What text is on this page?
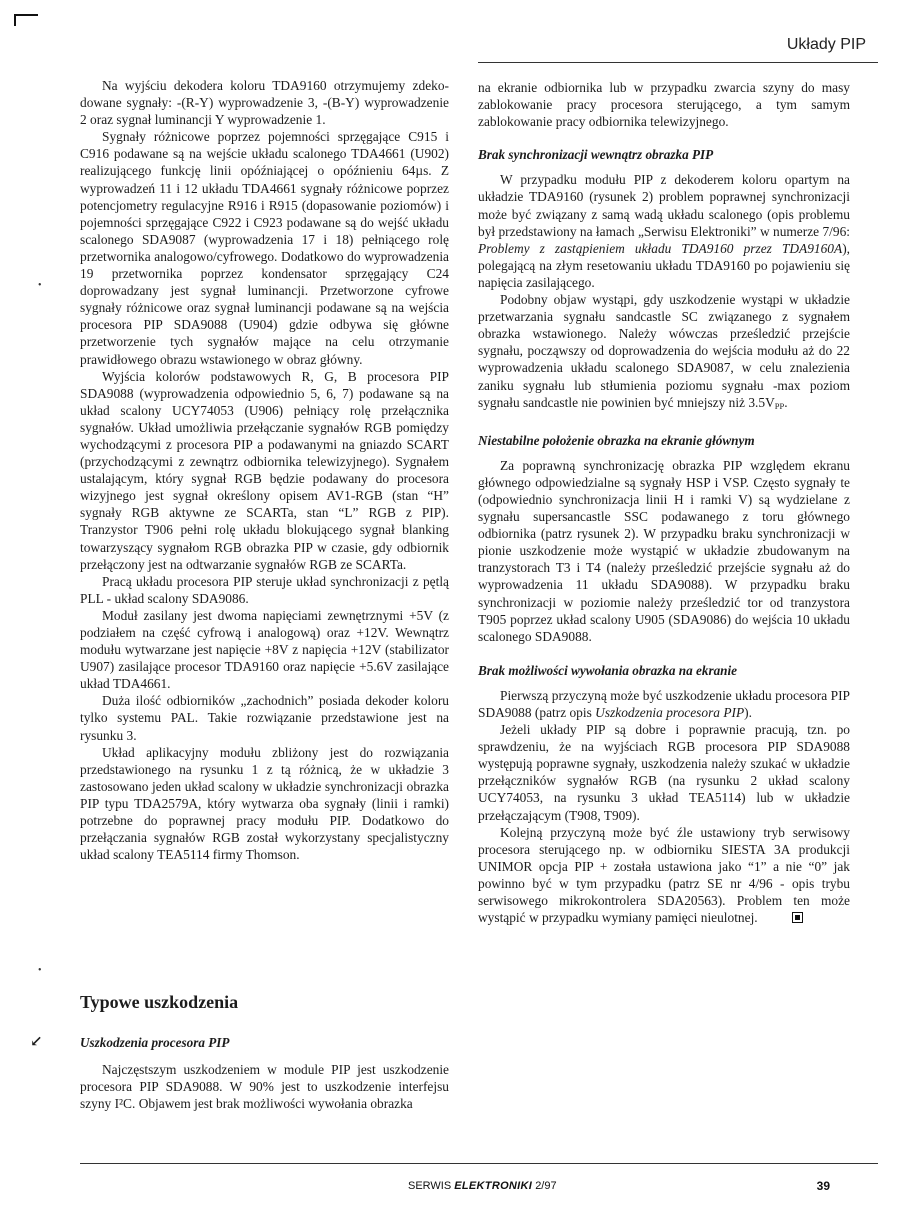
Układy PIP

Na wyjściu dekodera koloru TDA9160 otrzymujemy zdekodowane sygnały: -(R-Y) wyprowadzenie 3, -(B-Y) wyprowadzenie 2 oraz sygnał luminancji Y wyprowadzenie 1.

Sygnały różnicowe poprzez pojemności sprzęgające C915 i C916 podawane są na wejście układu scalonego TDA4661 (U902) realizującego funkcję linii opóźniającej o opóźnieniu 64µs. Z wyprowadzeń 11 i 12 układu TDA4661 sygnały różnicowe poprzez potencjometry regulacyjne R916 i R915 (dopasowanie poziomów) i pojemności sprzęgające C922 i C923 podawane są do wejść układu scalonego SDA9087 (wyprowadzenia 17 i 18) pełniącego rolę przetwornika analogowo/cyfrowego. Dodatkowo do wyprowadzenia 19 przetwornika poprzez kondensator sprzęgający C24 doprowadzany jest sygnał luminancji. Przetworzone cyfrowe sygnały różnicowe oraz sygnał luminancji podawane są na wejścia procesora PIP SDA9088 (U904) gdzie odbywa się główne przetworzenie tych sygnałów mające na celu otrzymanie prawidłowego obrazu wstawionego w obraz główny.

Wyjścia kolorów podstawowych R, G, B procesora PIP SDA9088 (wyprowadzenia odpowiednio 5, 6, 7) podawane są na układ scalony UCY74053 (U906) pełniący rolę przełącznika sygnałów. Układ umożliwia przełączanie sygnałów RGB pomiędzy wychodzącymi z procesora PIP a podawanymi na gniazdo SCART (przychodzącymi z zewnątrz odbiornika telewizyjnego). Sygnałem ustalającym, który sygnał RGB będzie podawany do procesora wizyjnego jest sygnał określony opisem AV1-RGB (stan “H” sygnały RGB aktywne ze SCARTa, stan “L” RGB z PIP). Tranzystor T906 pełni rolę układu blokującego sygnał blanking towarzyszący sygnałom RGB obrazka PIP w czasie, gdy odbiornik przełączony jest na odtwarzanie sygnałów RGB ze SCARTa.

Pracą układu procesora PIP steruje układ synchronizacji z pętlą PLL - układ scalony SDA9086.

Moduł zasilany jest dwoma napięciami zewnętrznymi +5V (z podziałem na część cyfrową i analogową) oraz +12V. Wewnątrz modułu wytwarzane jest napięcie +8V z napięcia +12V (stabilizator U907) zasilające procesor TDA9160 oraz napięcie +5.6V zasilające układ TDA4661.

Duża ilość odbiorników „zachodnich” posiada dekoder koloru tylko systemu PAL. Takie rozwiązanie przedstawione jest na rysunku 3.

Układ aplikacyjny modułu zbliżony jest do rozwiązania przedstawionego na rysunku 1 z tą różnicą, że w układzie 3 zastosowano jeden układ scalony w układzie synchronizacji obrazka PIP typu TDA2579A, który wytwarza oba sygnały (linii i ramki) potrzebne do poprawnej pracy modułu PIP. Dodatkowo do przełączania sygnałów RGB został wykorzystany specjalistyczny układ scalony TEA5114 firmy Thomson.

Typowe uszkodzenia
↙
•
•
Uszkodzenia procesora PIP

Najczęstszym uszkodzeniem w module PIP jest uszkodzenie procesora PIP SDA9088. W 90% jest to uszkodzenie interfejsu szyny I²C. Objawem jest brak możliwości wywołania obrazka

na ekranie odbiornika lub w przypadku zwarcia szyny do masy zablokowanie pracy procesora sterującego, a tym samym zablokowanie pracy odbiornika telewizyjnego.

Brak synchronizacji wewnątrz obrazka PIP

W przypadku modułu PIP z dekoderem koloru opartym na układzie TDA9160 (rysunek 2) problem poprawnej synchronizacji może być związany z samą wadą układu scalonego (opis problemu był przedstawiony na łamach „Serwisu Elektroniki” w numerze 7/96: Problemy z zastąpieniem układu TDA9160 przez TDA9160A), polegającą na złym resetowaniu układu TDA9160 po pojawieniu się napięcia zasilającego.

Podobny objaw wystąpi, gdy uszkodzenie wystąpi w układzie przetwarzania sygnału sandcastle SC związanego z sygnałem obrazka wstawionego. Należy wówczas prześledzić przejście sygnału, począwszy od doprowadzenia do wejścia modułu aż do 22 wyprowadzenia układu scalonego SDA9087, w celu znalezienia zaniku sygnału lub stłumienia poziomu sygnału -max poziom sygnału sandcastle nie powinien być mniejszy niż $3.5V_{PP}$.

Niestabilne położenie obrazka na ekranie głównym

Za poprawną synchronizację obrazka PIP względem ekranu głównego odpowiedzialne są sygnały HSP i VSP. Często sygnały te (odpowiednio synchronizacja linii H i ramki V) są wydzielane z sygnału supersancastle SSC podawanego z toru głównego odbiornika (patrz rysunek 2). W przypadku braku synchronizacji w pionie uszkodzenie może wystąpić w układzie zbudowanym na tranzystorach T3 i T4 (należy prześledzić przejście sygnału aż do wyprowadzenia 11 układu SDA9088). W przypadku braku synchronizacji w poziomie należy prześledzić tor od tranzystora T905 poprzez układ scalony U905 (SDA9086) do wejścia 10 układu scalonego SDA9088.

Brak możliwości wywołania obrazka na ekranie

Pierwszą przyczyną może być uszkodzenie układu procesora PIP SDA9088 (patrz opis Uszkodzenia procesora PIP).

Jeżeli układy PIP są dobre i poprawnie pracują, tzn. po sprawdzeniu, że na wyjściach RGB procesora PIP SDA9088 występują poprawne sygnały, uszkodzenia należy szukać w układzie przełączników sygnałów RGB (na rysunku 2 układ scalony UCY74053, na rysunku 3 układ TEA5114) lub w układzie przełączającym (T908, T909).

Kolejną przyczyną może być źle ustawiony tryb serwisowy procesora sterującego np. w odbiorniku SIESTA 3A produkcji UNIMOR opcja PIP + została ustawiona jako “1” a nie “0” jak powinno być w tym przypadku (patrz SE nr 4/96 - opis trybu serwisowego mikrokontrolera SDA20563). Problem ten może wystąpić w przypadku wymiany pamięci nieulotnej.

SERWIS ELEKTRONIKI 2/97	39
